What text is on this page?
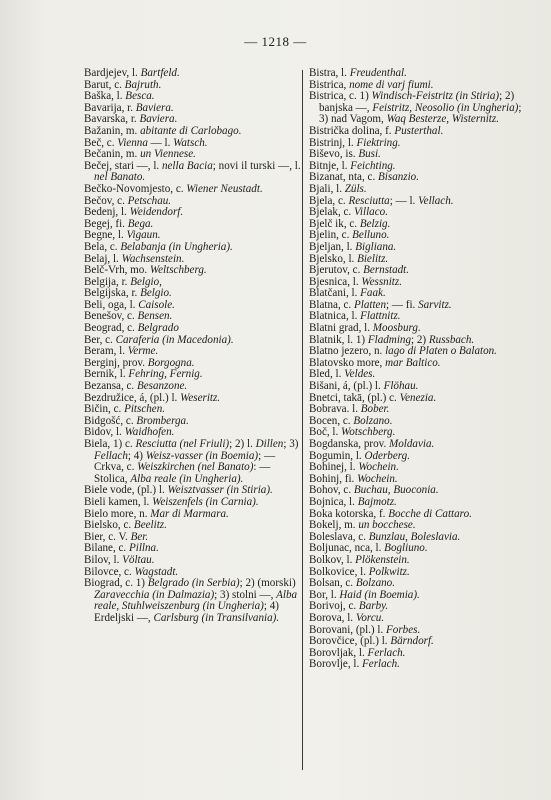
— 1218 —
Bardjejev, l. Bartfeld.
Barut, c. Bajruth.
Baška, l. Besca.
Bavarija, r. Baviera.
Bavarska, r. Baviera.
Bažanin, m. abitante di Carlobago.
Beč, c. Vienna — l. Watsch.
Bečanin, m. un Viennese.
Bečej, stari —, l. nella Bacia; novi il turski —, l. nel Banato.
Bečko-Novomjesto, c. Wiener Neustadt.
Bečov, c. Petschau.
Bedenj, l. Weidendorf.
Begej, fi. Bega.
Begne, l. Vigaun.
Bela, c. Belabanja (in Ungheria).
Belaj, l. Wachsenstein.
Belč-Vrh, mo. Weltschberg.
Belgija, r. Belgio,
Belgijska, r. Belgio.
Beli, oga, l. Caisole.
Benešov, c. Bensen.
Beograd, c. Belgrado
Ber, c. Caraferia (in Macedonia).
Beram, l. Verme.
Berginj, prov. Borgogna.
Bernik, l. Fehring, Fernig.
Bezansa, c. Besanzone.
Bezdružice, á, (pl.) l. Weseritz.
Bičin, c. Pitschen.
Bidgošć, c. Bromberga.
Bidov, l. Waidhofen.
Biela, 1) c. Resciutta (nel Friuli); 2) l. Dillen; 3) Fellach; 4) Weisz-vasser (in Boemia); — Crkva, c. Weiszkirchen (nel Banato): — Stolica, Alba reale (in Ungheria).
Biele vode, (pl.) l. Weisztvasser (in Stiria).
Bieli kamen, l. Weiszenfels (in Carnia).
Bielo more, n. Mar di Marmara.
Bielsko, c. Beelitz.
Bier, c. V. Ber.
Bilane, c. Pillna.
Bilov, l. Völtau.
Bilovce, c. Wagstadt.
Biograd, c. 1) Belgrado (in Serbia); 2) (morski) Zaravecchia (in Dalmazia); 3) stolni —, Alba reale, Stuhlweiszenburg (in Ungheria); 4) Erdeljski —, Carlsburg (in Transilvania).
Bistra, l. Freudenthal.
Bistrica, nome di varj fiumi.
Bistrica, c. 1) Windisch-Feistritz (in Stiria); 2) banjska —, Feistritz, Neosolio (in Ungheria); 3) nad Vagom, Waq Besterze, Wisternitz.
Bistrička dolina, f. Pusterthal.
Bistrinj, l. Fiektring.
Biševo, is. Busi.
Bitnje, l. Feichting.
Bizanat, nta, c. Bisanzio.
Bjali, l. Züls.
Bjela, c. Resciutta; — l. Vellach.
Bjelak, c. Villaco.
Bjelč ik, c. Belzig.
Bjelin, c. Belluno.
Bjeljan, l. Bigliana.
Bjelsko, l. Bielitz.
Bjerutov, c. Bernstadt.
Bjesnica, l. Wessnitz.
Blatčani, l. Faak.
Blatna, c. Platten; — fi. Sarvitz.
Blatnica, l. Flattnitz.
Blatni grad, l. Moosburg.
Blatnik, l. 1) Fladming; 2) Russbach.
Blatno jezero, n. lago di Platen o Balaton.
Blatovsko more, mar Baltico.
Bled, l. Veldes.
Bišani, á, (pl.) l. Flöhau.
Bnetci, takā, (pl.) c. Venezia.
Bobrava. l. Bober.
Bocen, c. Bolzano.
Boč, l. Wotschberg.
Bogdanska, prov. Moldavia.
Bogumin, l. Oderberg.
Bohinej, l. Wochein.
Bohinj, fi. Wochein.
Bohov, c. Buchau, Buoconia.
Bojnica, l. Bajmotz.
Boka kotorska, f. Bocche di Cattaro.
Bokelj, m. un bocchese.
Boleslava, c. Bunzlau, Boleslavia.
Boljunac, nca, l. Bogliuno.
Bolkov, l. Plökenstein.
Bolkovice, l. Polkwitz.
Bolsan, c. Bolzano.
Bor, l. Haid (in Boemia).
Borivoj, c. Barby.
Borova, l. Vorcu.
Borovani, (pl.) l. Forbes.
Borovčice, (pl.) l. Bärndorf.
Borovljak, l. Ferlach.
Borovlje, l. Ferlach.
